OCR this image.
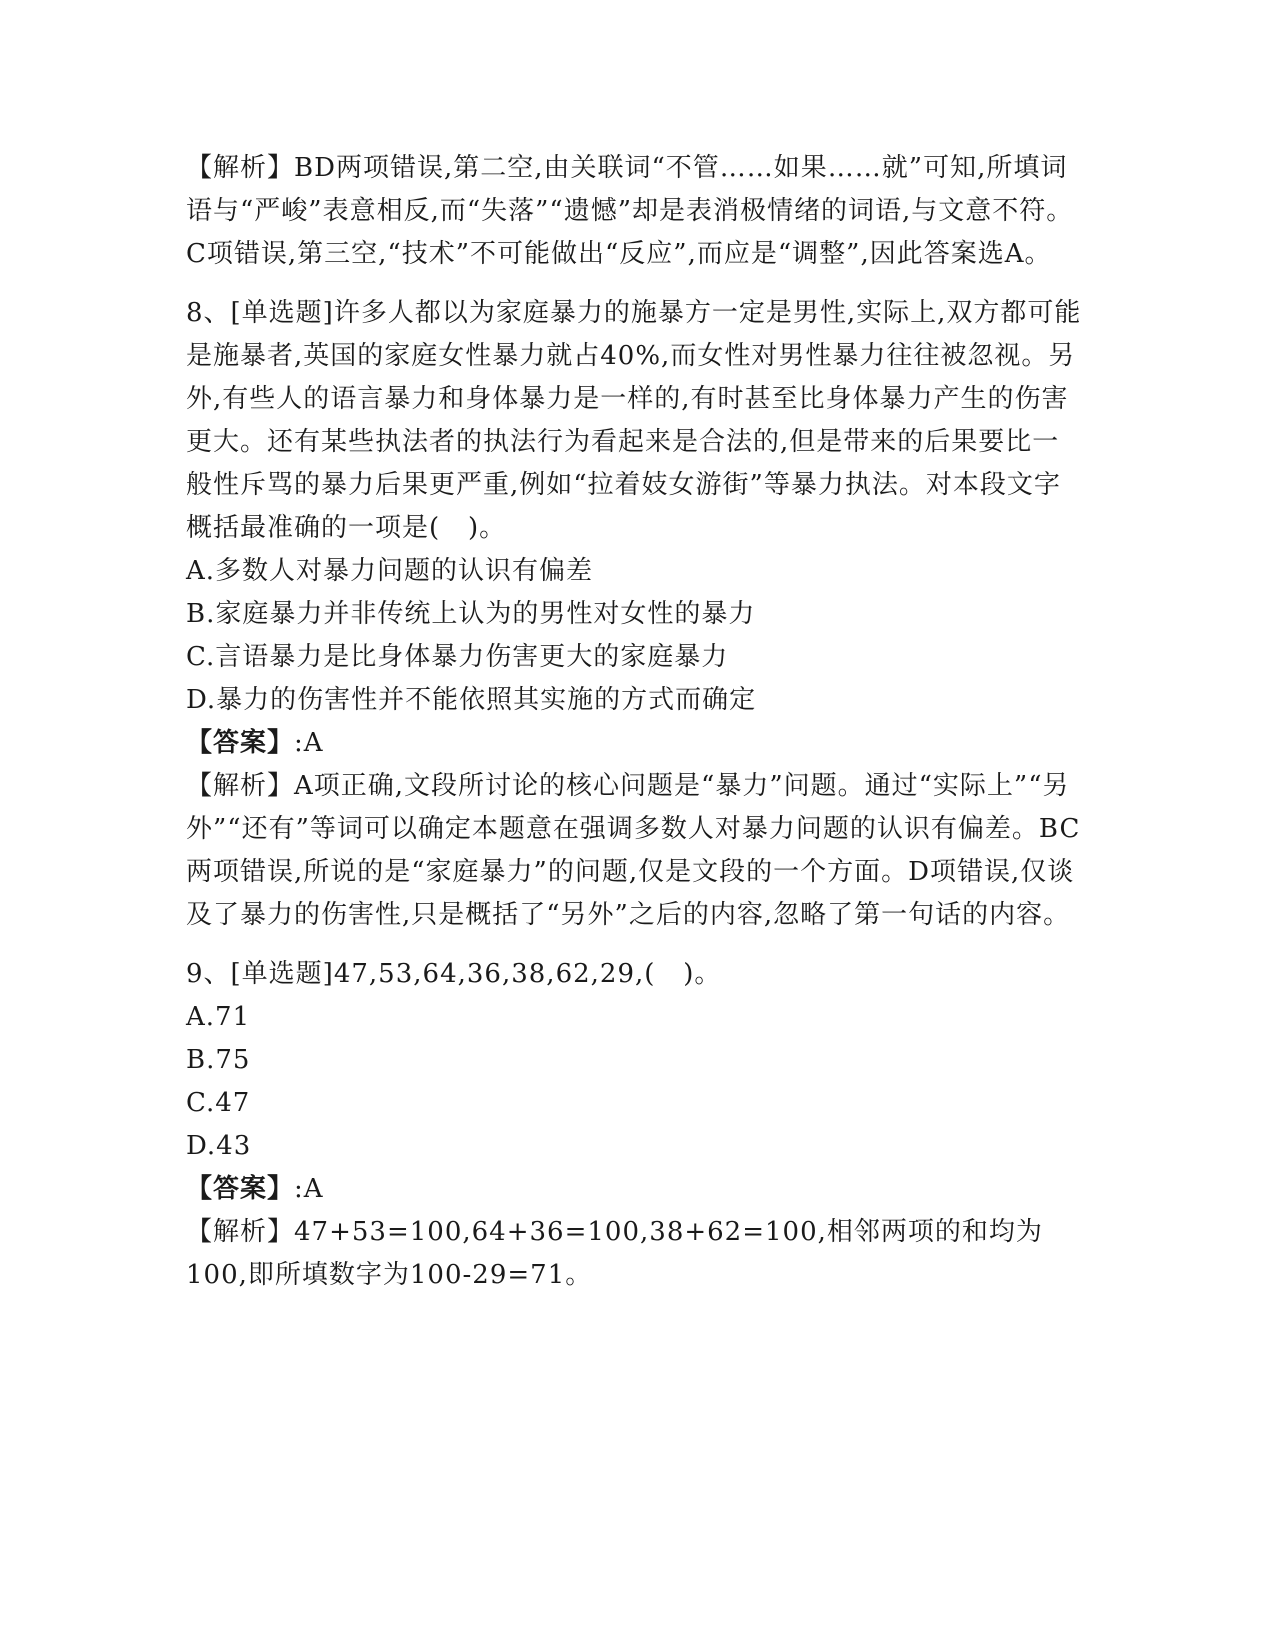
【解析】BD两项错误,第二空,由关联词“不管……如果……就”可知,所填词语与“严峻”表意相反,而“失落”“遗憾”却是表消极情绪的词语,与文意不符。C项错误,第三空,“技术”不可能做出“反应”,而应是“调整”,因此答案选A。

8、[单选题]许多人都以为家庭暴力的施暴方一定是男性,实际上,双方都可能是施暴者,英国的家庭女性暴力就占40%,而女性对男性暴力往往被忽视。另外,有些人的语言暴力和身体暴力是一样的,有时甚至比身体暴力产生的伤害更大。还有某些执法者的执法行为看起来是合法的,但是带来的后果要比一般性斥骂的暴力后果更严重,例如“拉着妓女游街”等暴力执法。对本段文字概括最准确的一项是(   )。

A.多数人对暴力问题的认识有偏差

B.家庭暴力并非传统上认为的男性对女性的暴力

C.言语暴力是比身体暴力伤害更大的家庭暴力

D.暴力的伤害性并不能依照其实施的方式而确定

【答案】:A

【解析】A项正确,文段所讨论的核心问题是“暴力”问题。通过“实际上”“另外”“还有”等词可以确定本题意在强调多数人对暴力问题的认识有偏差。BC两项错误,所说的是“家庭暴力”的问题,仅是文段的一个方面。D项错误,仅谈及了暴力的伤害性,只是概括了“另外”之后的内容,忽略了第一句话的内容。

9、[单选题]47,53,64,36,38,62,29,(   )。

A.71

B.75

C.47

D.43

【答案】:A

【解析】47+53=100,64+36=100,38+62=100,相邻两项的和均为100,即所填数字为100-29=71。
